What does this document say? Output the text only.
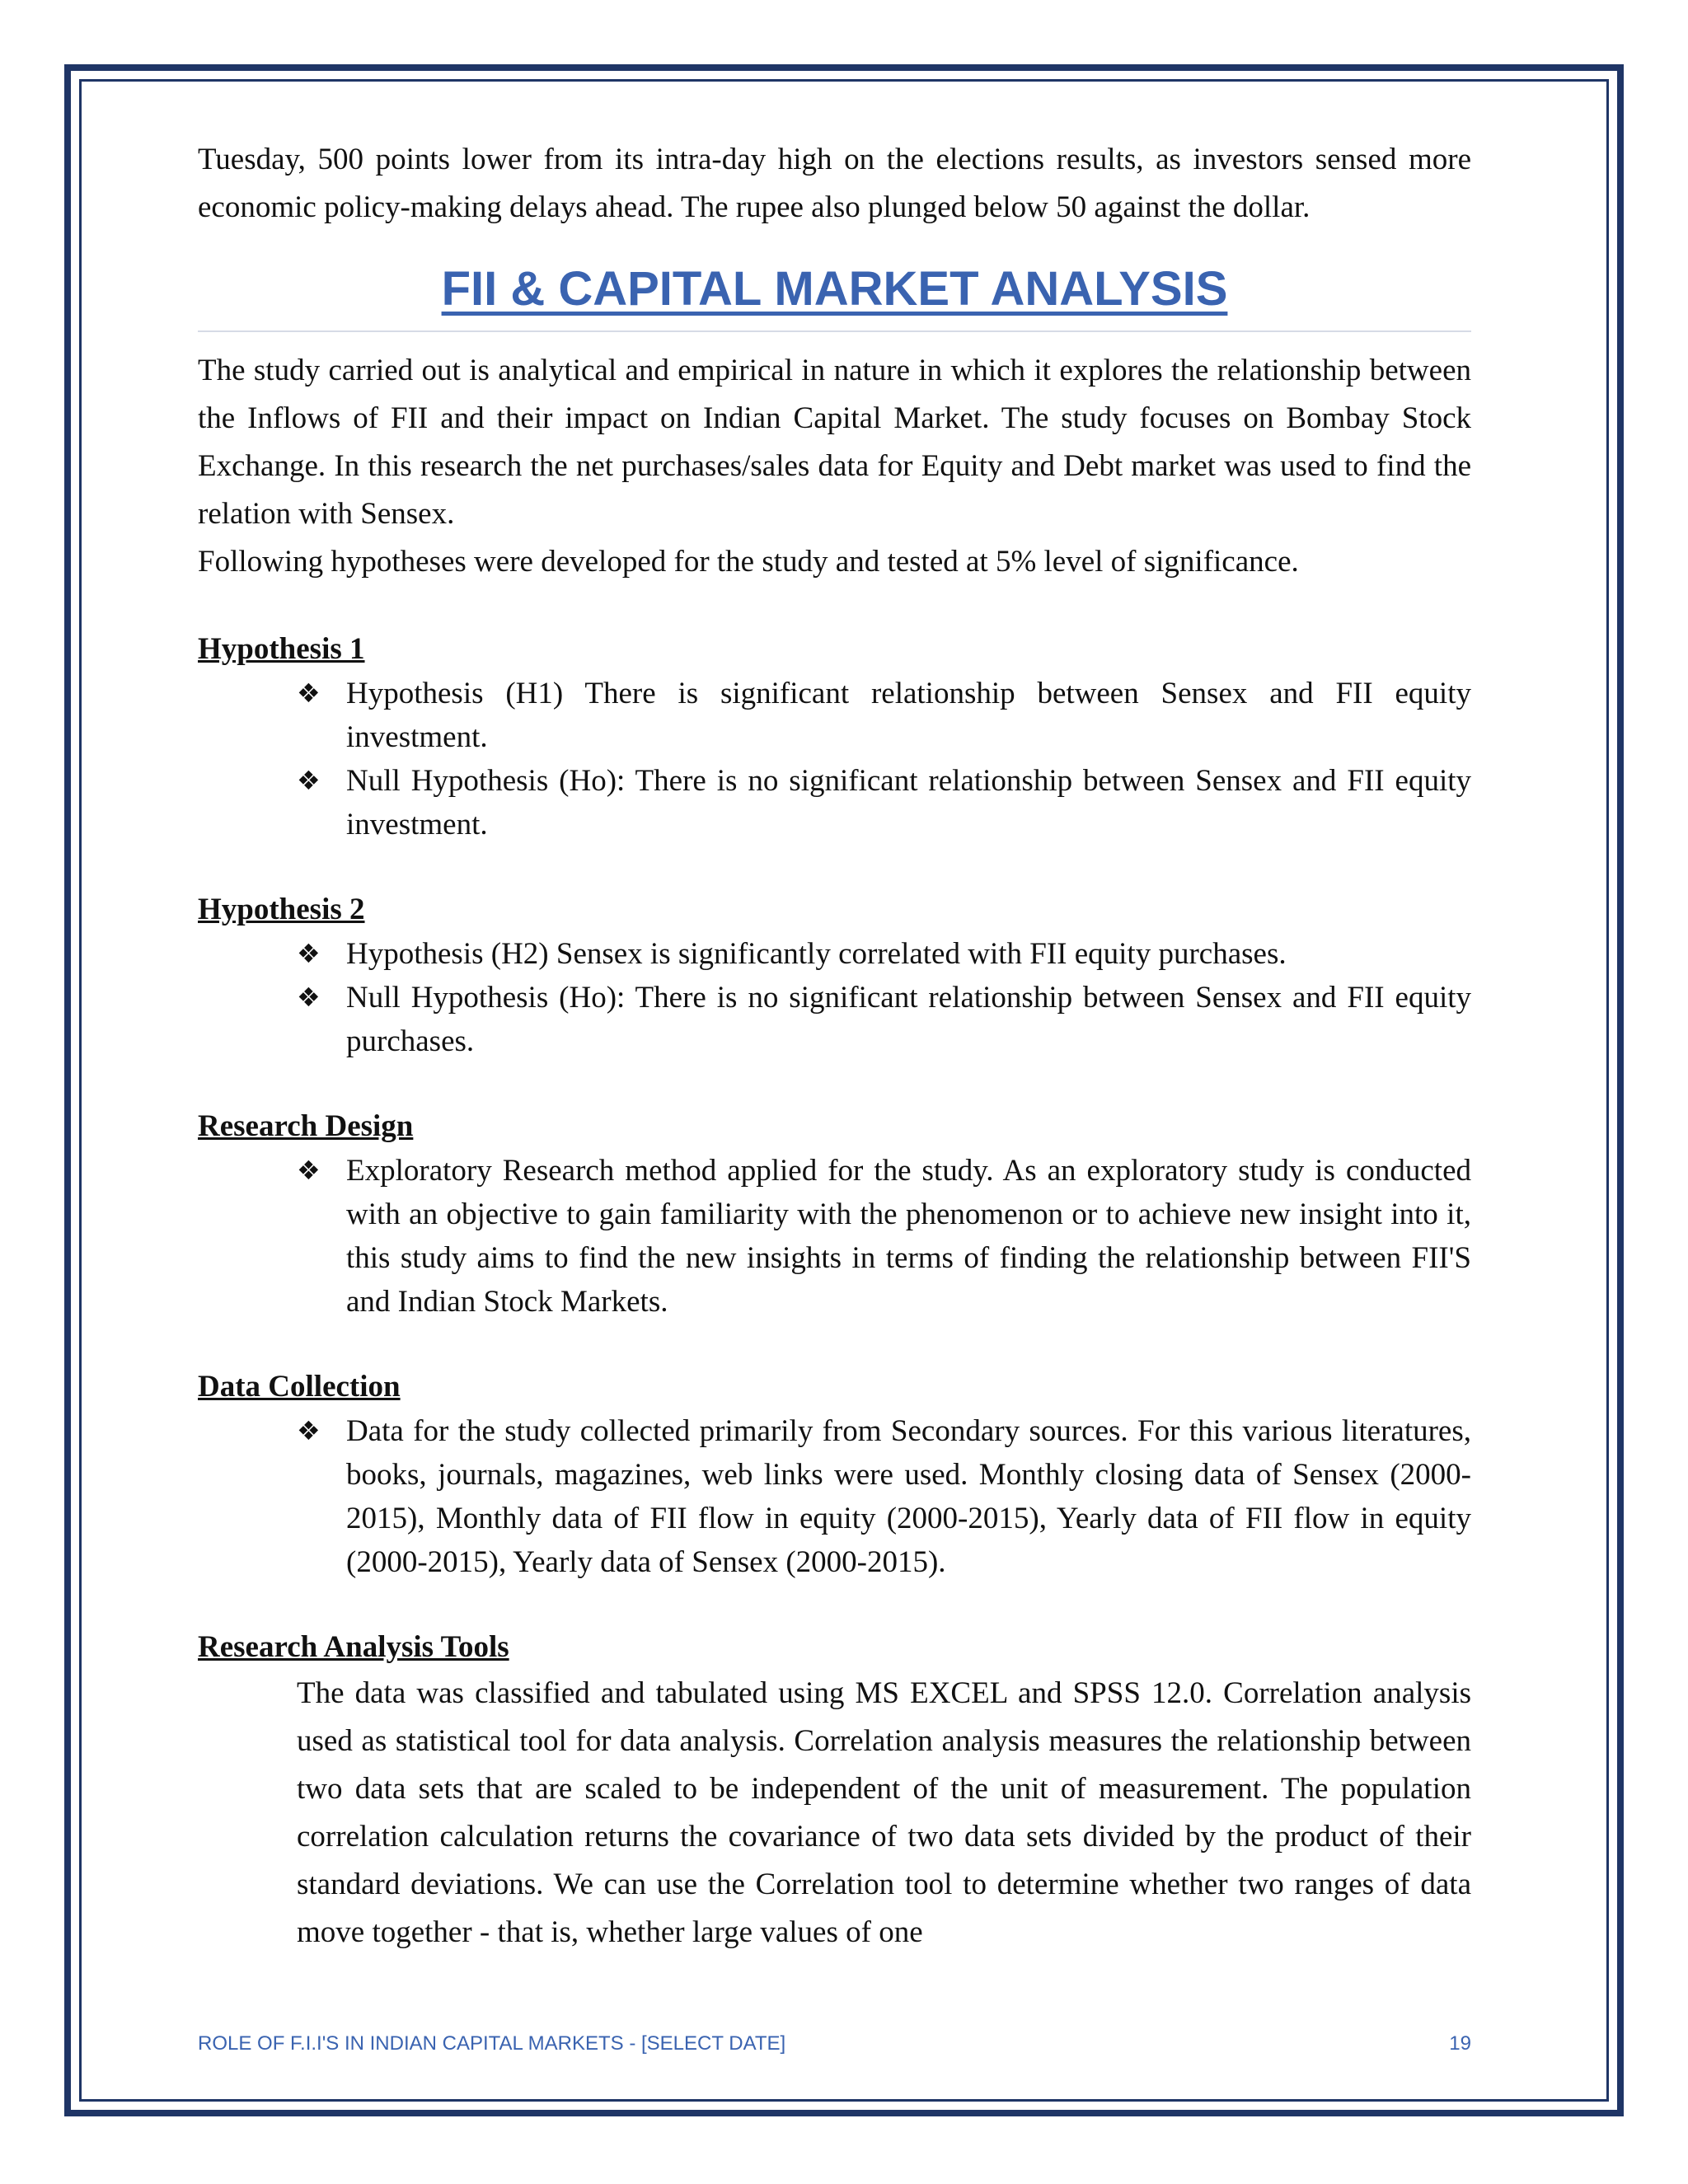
Tuesday, 500 points lower from its intra-day high on the elections results, as investors sensed more economic policy-making delays ahead. The rupee also plunged below 50 against the dollar.

FII & CAPITAL MARKET ANALYSIS

The study carried out is analytical and empirical in nature in which it explores the relationship between the Inflows of FII and their impact on Indian Capital Market. The study focuses on Bombay Stock Exchange. In this research the net purchases/sales data for Equity and Debt market was used to find the relation with Sensex.

Following hypotheses were developed for the study and tested at 5% level of significance.

Hypothesis 1
❖ Hypothesis (H1) There is significant relationship between Sensex and FII equity investment.
❖ Null Hypothesis (Ho): There is no significant relationship between Sensex and FII equity investment.
Hypothesis 2
❖ Hypothesis (H2) Sensex is significantly correlated with FII equity purchases.
❖ Null Hypothesis (Ho): There is no significant relationship between Sensex and FII equity purchases.
Research Design
❖ Exploratory Research method applied for the study. As an exploratory study is conducted with an objective to gain familiarity with the phenomenon or to achieve new insight into it, this study aims to find the new insights in terms of finding the relationship between FII'S and Indian Stock Markets.
Data Collection
❖ Data for the study collected primarily from Secondary sources. For this various literatures, books, journals, magazines, web links were used. Monthly closing data of Sensex (2000-2015), Monthly data of FII flow in equity (2000-2015), Yearly data of FII flow in equity (2000-2015), Yearly data of Sensex (2000-2015).
Research Analysis Tools
The data was classified and tabulated using MS EXCEL and SPSS 12.0. Correlation analysis used as statistical tool for data analysis. Correlation analysis measures the relationship between two data sets that are scaled to be independent of the unit of measurement. The population correlation calculation returns the covariance of two data sets divided by the product of their standard deviations. We can use the Correlation tool to determine whether two ranges of data move together - that is, whether large values of one
ROLE OF F.I.I'S IN INDIAN CAPITAL MARKETS - [SELECT DATE]	19
